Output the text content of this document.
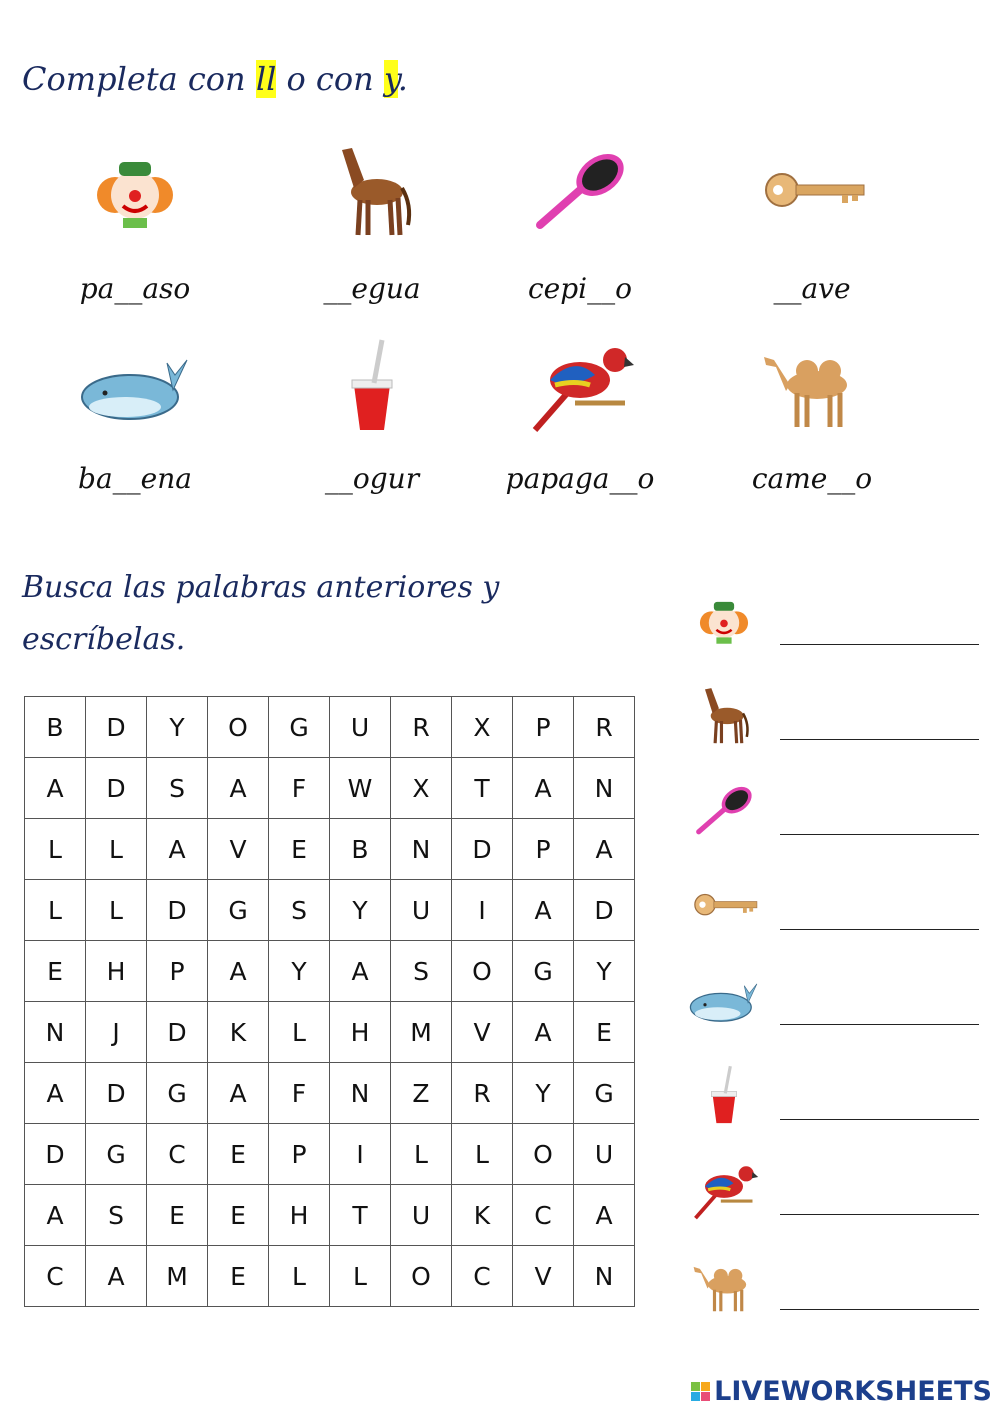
Completa con ll o con y.
pa__aso	__egua	cepi__o	__ave
ba__ena	__ogur	papaga__o	came__o
Busca las palabras anteriores y escríbelas.
B	D	Y	O	G	U	R	X	P	R
A	D	S	A	F	W	X	T	A	N
L	L	A	V	E	B	N	D	P	A
L	L	D	G	S	Y	U	I	A	D
E	H	P	A	Y	A	S	O	G	Y
N	J	D	K	L	H	M	V	A	E
A	D	G	A	F	N	Z	R	Y	G
D	G	C	E	P	I	L	L	O	U
A	S	E	E	H	T	U	K	C	A
C	A	M	E	L	L	O	C	V	N
LIVEWORKSHEETS
